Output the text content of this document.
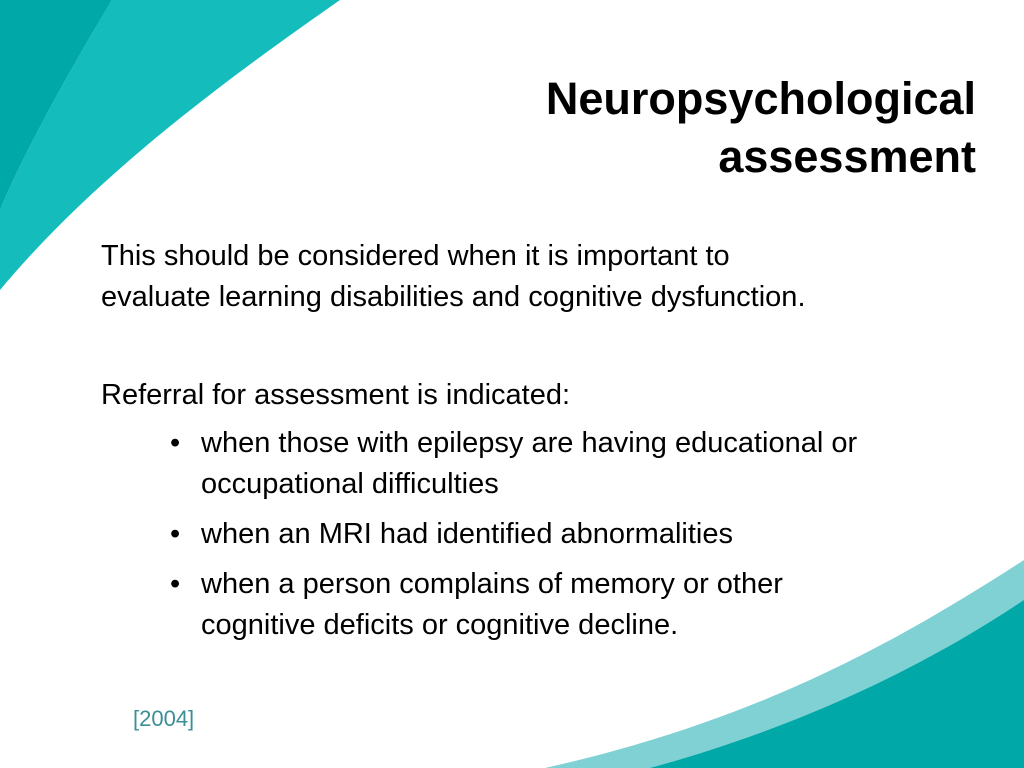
Neuropsychological
assessment

This should be considered when it is important to
evaluate learning disabilities and cognitive dysfunction.

Referral for assessment is indicated:

• when those with epilepsy are having educational or
occupational difficulties
• when an MRI had identified abnormalities
• when a person complains of memory or other
cognitive deficits or cognitive decline.

[2004]
